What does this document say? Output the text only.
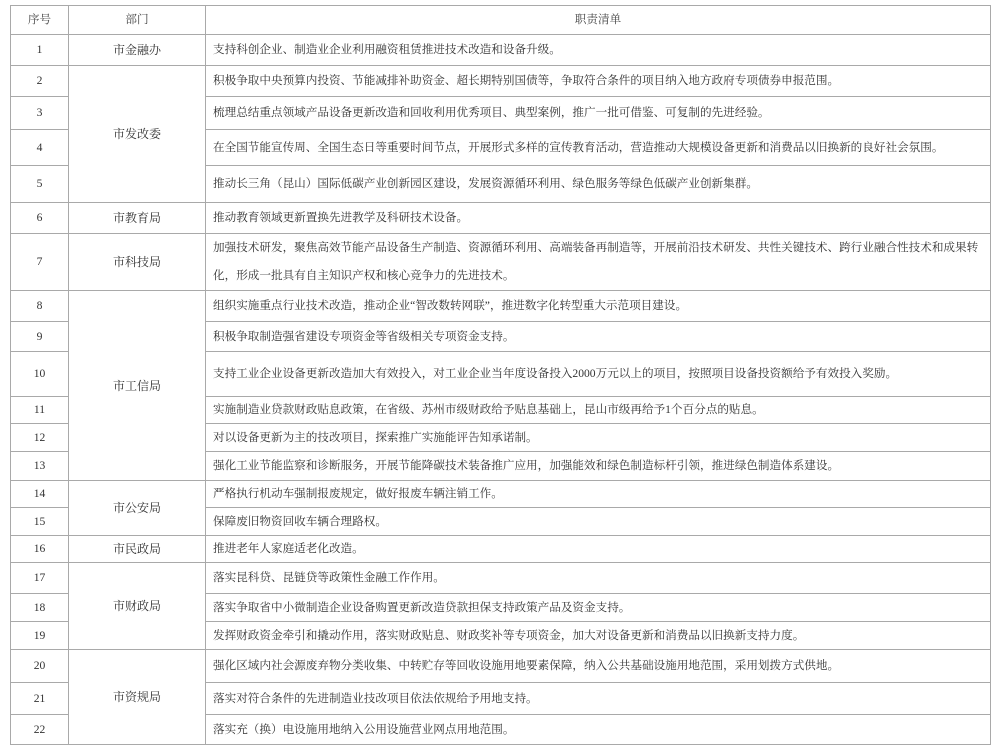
序号	部门	职责清单
1	市金融办	支持科创企业、制造业企业利用融资租赁推进技术改造和设备升级。
2	市发改委	积极争取中央预算内投资、节能减排补助资金、超长期特别国债等，争取符合条件的项目纳入地方政府专项债券申报范围。
3		梳理总结重点领域产品设备更新改造和回收利用优秀项目、典型案例，推广一批可借鉴、可复制的先进经验。
4		在全国节能宣传周、全国生态日等重要时间节点，开展形式多样的宣传教育活动，营造推动大规模设备更新和消费品以旧换新的良好社会氛围。
5		推动长三角（昆山）国际低碳产业创新园区建设，发展资源循环利用、绿色服务等绿色低碳产业创新集群。
6	市教育局	推动教育领域更新置换先进教学及科研技术设备。
7	市科技局	加强技术研发，聚焦高效节能产品设备生产制造、资源循环利用、高端装备再制造等，开展前沿技术研发、共性关键技术、跨行业融合性技术和成果转化，形成一批具有自主知识产权和核心竞争力的先进技术。
8	市工信局	组织实施重点行业技术改造，推动企业“智改数转网联”，推进数字化转型重大示范项目建设。
9		积极争取制造强省建设专项资金等省级相关专项资金支持。
10		支持工业企业设备更新改造加大有效投入，对工业企业当年度设备投入2000万元以上的项目，按照项目设备投资额给予有效投入奖励。
11		实施制造业贷款财政贴息政策，在省级、苏州市级财政给予贴息基础上，昆山市级再给予1个百分点的贴息。
12		对以设备更新为主的技改项目，探索推广实施能评告知承诺制。
13		强化工业节能监察和诊断服务，开展节能降碳技术装备推广应用，加强能效和绿色制造标杆引领，推进绿色制造体系建设。
14	市公安局	严格执行机动车强制报废规定，做好报废车辆注销工作。
15		保障废旧物资回收车辆合理路权。
16	市民政局	推进老年人家庭适老化改造。
17	市财政局	落实昆科贷、昆链贷等政策性金融工作作用。
18		落实争取省中小微制造企业设备购置更新改造贷款担保支持政策产品及资金支持。
19		发挥财政资金牵引和撬动作用，落实财政贴息、财政奖补等专项资金，加大对设备更新和消费品以旧换新支持力度。
20	市资规局	强化区域内社会源废弃物分类收集、中转贮存等回收设施用地要素保障，纳入公共基础设施用地范围，采用划拨方式供地。
21		落实对符合条件的先进制造业技改项目依法依规给予用地支持。
22		落实充（换）电设施用地纳入公用设施营业网点用地范围。
